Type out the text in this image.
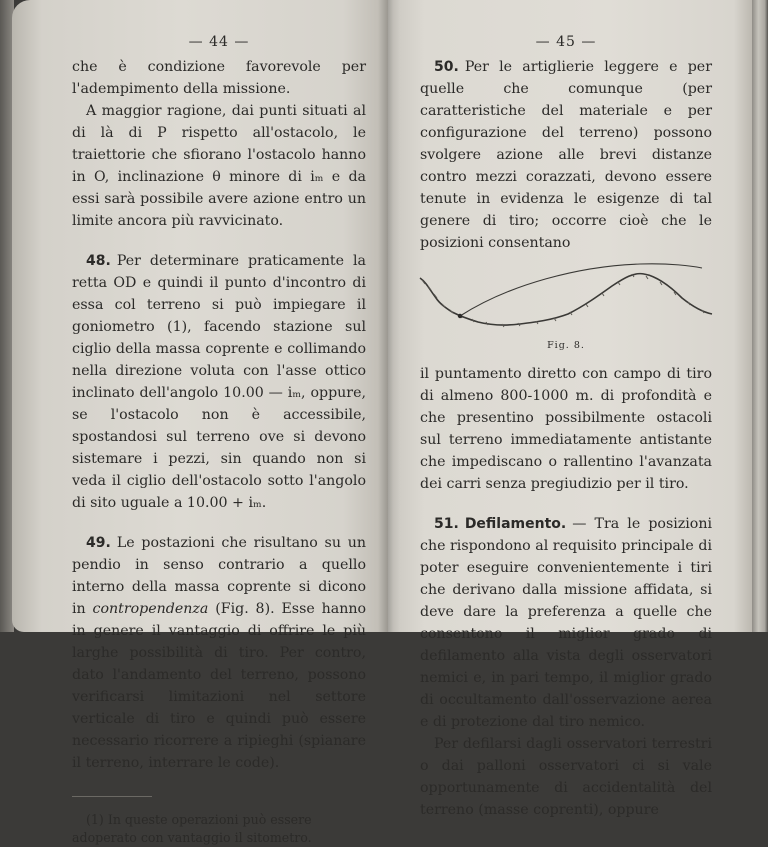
— 44 —

che è condizione favorevole per l'adempimento della missione.

A maggior ragione, dai punti situati al di là di P rispetto all'ostacolo, le traiettorie che sfiorano l'ostacolo hanno in O, inclinazione θ minore di iₘ e da essi sarà possibile avere azione entro un limite ancora più ravvicinato.

48. Per determinare praticamente la retta OD e quindi il punto d'incontro di essa col terreno si può impiegare il goniometro (1), facendo stazione sul ciglio della massa coprente e collimando nella direzione voluta con l'asse ottico inclinato dell'angolo 10.00 — iₘ, oppure, se l'ostacolo non è accessibile, spostandosi sul terreno ove si devono sistemare i pezzi, sin quando non si veda il ciglio dell'ostacolo sotto l'angolo di sito uguale a 10.00 + iₘ.

49. Le postazioni che risultano su un pendio in senso contrario a quello interno della massa coprente si dicono in contropendenza (Fig. 8). Esse hanno in genere il vantaggio di offrire le più larghe possibilità di tiro. Per contro, dato l'andamento del terreno, possono verificarsi limitazioni nel settore verticale di tiro e quindi può essere necessario ricorrere a ripieghi (spianare il terreno, interrare le code).

(1) In queste operazioni può essere adoperato con vantaggio il sitometro.

— 45 —

50. Per le artiglierie leggere e per quelle che comunque (per caratteristiche del materiale e per configurazione del terreno) possono svolgere azione alle brevi distanze contro mezzi corazzati, devono essere tenute in evidenza le esigenze di tal genere di tiro; occorre cioè che le posizioni consentano

Fig. 8.

il puntamento diretto con campo di tiro di almeno 800-1000 m. di profondità e che presentino possibilmente ostacoli sul terreno immediatamente antistante che impediscano o rallentino l'avanzata dei carri senza pregiudizio per il tiro.

51. Defilamento. — Tra le posizioni che rispondono al requisito principale di poter eseguire convenientemente i tiri che derivano dalla missione affidata, si deve dare la preferenza a quelle che consentono il miglior grado di defilamento alla vista degli osservatori nemici e, in pari tempo, il miglior grado di occultamento dall'osservazione aerea e di protezione dal tiro nemico.

Per defilarsi dagli osservatori terrestri o dai palloni osservatori ci si vale opportunamente di accidentalità del terreno (masse coprenti), oppure
